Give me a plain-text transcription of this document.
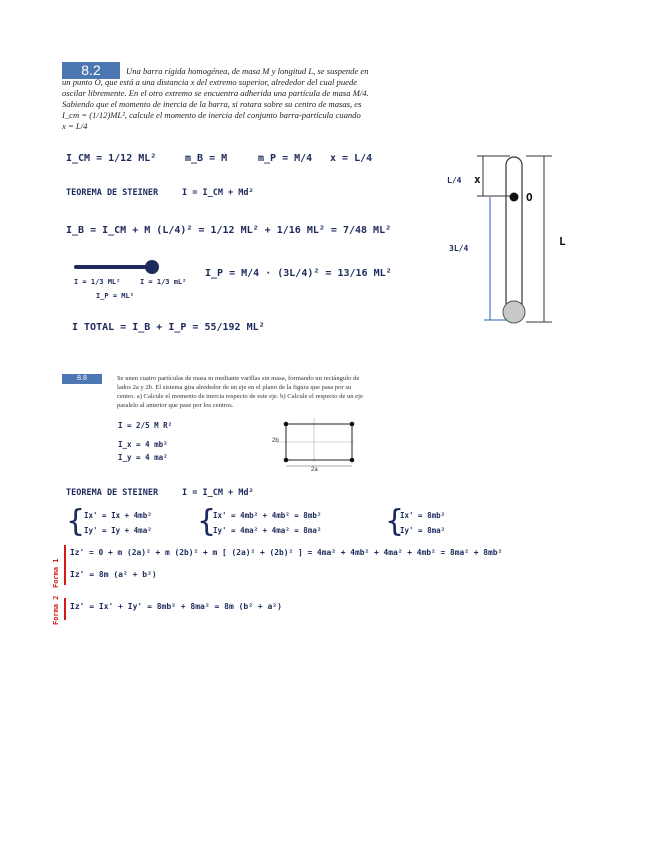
8.2	Una barra rígida homogénea, de masa M y longitud L, se suspende en
un punto O, que está a una distancia x del extremo superior, alrededor del cual puede
oscilar libremente. En el otro extremo se encuentra adherida una partícula de masa M/4.
Sabiendo que el momento de inercia de la barra, si rotara sobre su centro de masas, es
I_cm = (1/12)ML², calcule el momento de inercia del conjunto barra-partícula cuando
x = L/4
I_CM = 1/12 ML²	m_B = M	m_P = M/4 x = L/4
TEOREMA DE STEINER	I = I_CM + Md²
I_B = I_CM + M (L/4)² = 1/12 ML² + 1/16 ML² = 7/48 ML²
I = 1/3 ML²	I = 1/3 mL²
I_P = ML²
I_P = M/4 · (3L/4)² = 13/16 ML²
I TOTAL = I_B + I_P = 55/192 ML²
x
O
L
L/4
3L/4
8.8	Se unen cuatro partículas de masa m mediante varillas sin masa, formando un rectángulo de
lados 2a y 2b. El sistema gira alrededor de un eje en el plano de la figura que pasa por su
centro. a) Calcule el momento de inercia respecto de este eje. b) Calcule el respecto de un eje
paralelo al anterior que pase por los centros.
I = 2/5 M R²
I_x = 4 mb²
I_y = 4 ma²
2b
2a
TEOREMA DE STEINER	I = I_CM + Md²
{
Ix' = Ix + 4mb²
Iy' = Iy + 4ma² {
Ix' = 4mb² + 4mb² = 8mb²
Iy' = 4ma² + 4ma² = 8ma² {
Ix' = 8mb²
Iy' = 8ma²
Forma 1
Iz' = 0 + m (2a)² + m (2b)² + m [ (2a)² + (2b)² ] = 4ma² + 4mb² + 4ma² + 4mb² = 8ma² + 8mb²
Iz' = 8m (a² + b²)
Forma 2 Iz' = Ix' + Iy' = 8mb² + 8ma² = 8m (b² + a²)
